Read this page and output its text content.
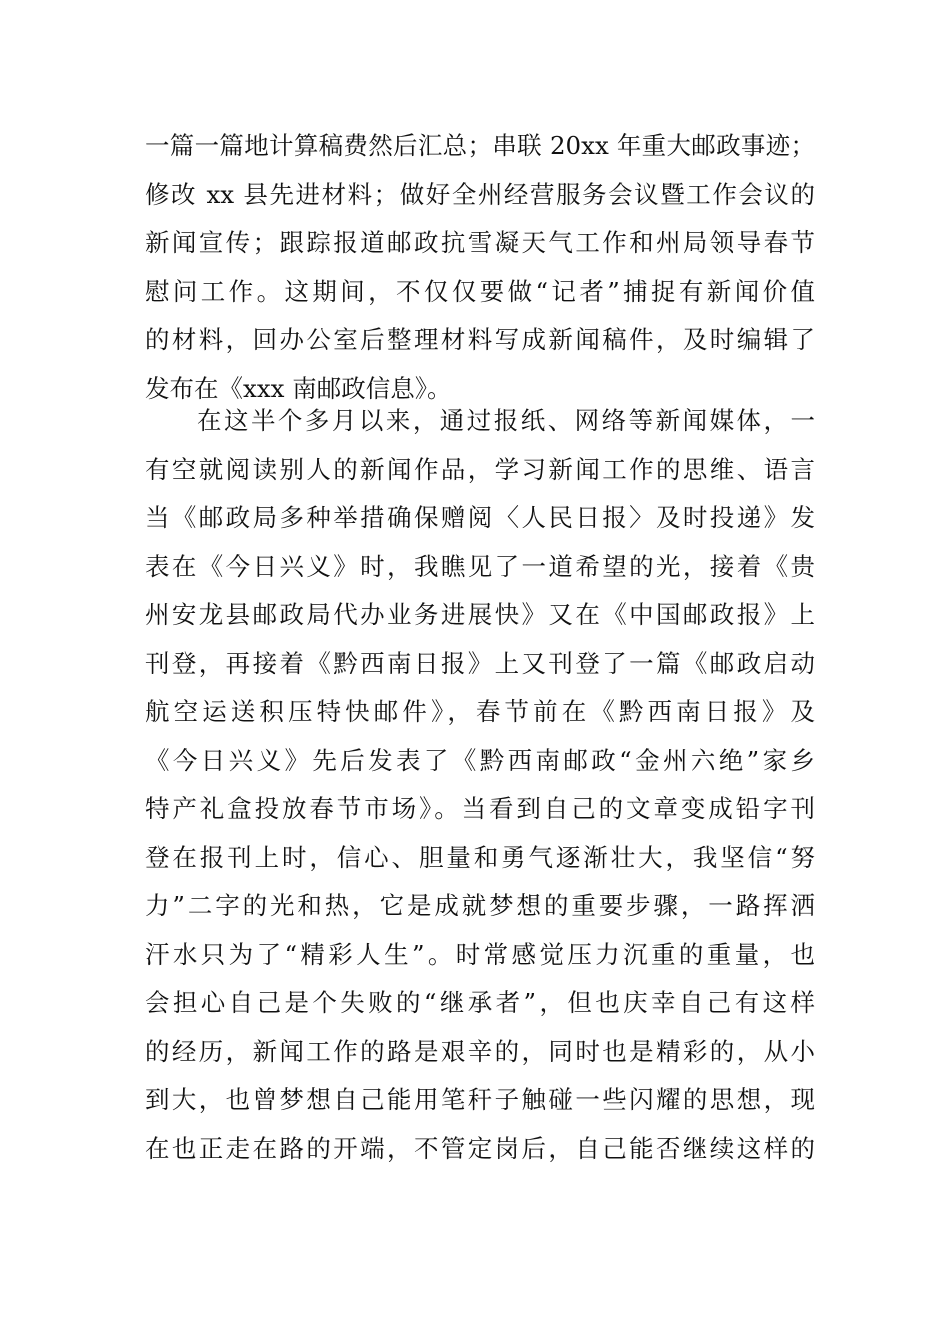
一篇一篇地计算稿费然后汇总；串联 20xx 年重大邮政事迹；
修改 xx 县先进材料；做好全州经营服务会议暨工作会议的
新闻宣传；跟踪报道邮政抗雪凝天气工作和州局领导春节
慰问工作。这期间，不仅仅要做“记者”捕捉有新闻价值
的材料，回办公室后整理材料写成新闻稿件，及时编辑了
发布在《xxx 南邮政信息》。
在这半个多月以来，通过报纸、网络等新闻媒体，一
有空就阅读别人的新闻作品，学习新闻工作的思维、语言
当《邮政局多种举措确保赠阅〈人民日报〉及时投递》发
表在《今日兴义》时，我瞧见了一道希望的光，接着《贵
州安龙县邮政局代办业务进展快》又在《中国邮政报》上
刊登，再接着《黔西南日报》上又刊登了一篇《邮政启动
航空运送积压特快邮件》，春节前在《黔西南日报》及
《今日兴义》先后发表了《黔西南邮政“金州六绝”家乡
特产礼盒投放春节市场》。当看到自己的文章变成铅字刊
登在报刊上时，信心、胆量和勇气逐渐壮大，我坚信“努
力”二字的光和热，它是成就梦想的重要步骤，一路挥洒
汗水只为了“精彩人生”。时常感觉压力沉重的重量，也
会担心自己是个失败的“继承者”，但也庆幸自己有这样
的经历，新闻工作的路是艰辛的，同时也是精彩的，从小
到大，也曾梦想自己能用笔秆子触碰一些闪耀的思想，现
在也正走在路的开端，不管定岗后，自己能否继续这样的
